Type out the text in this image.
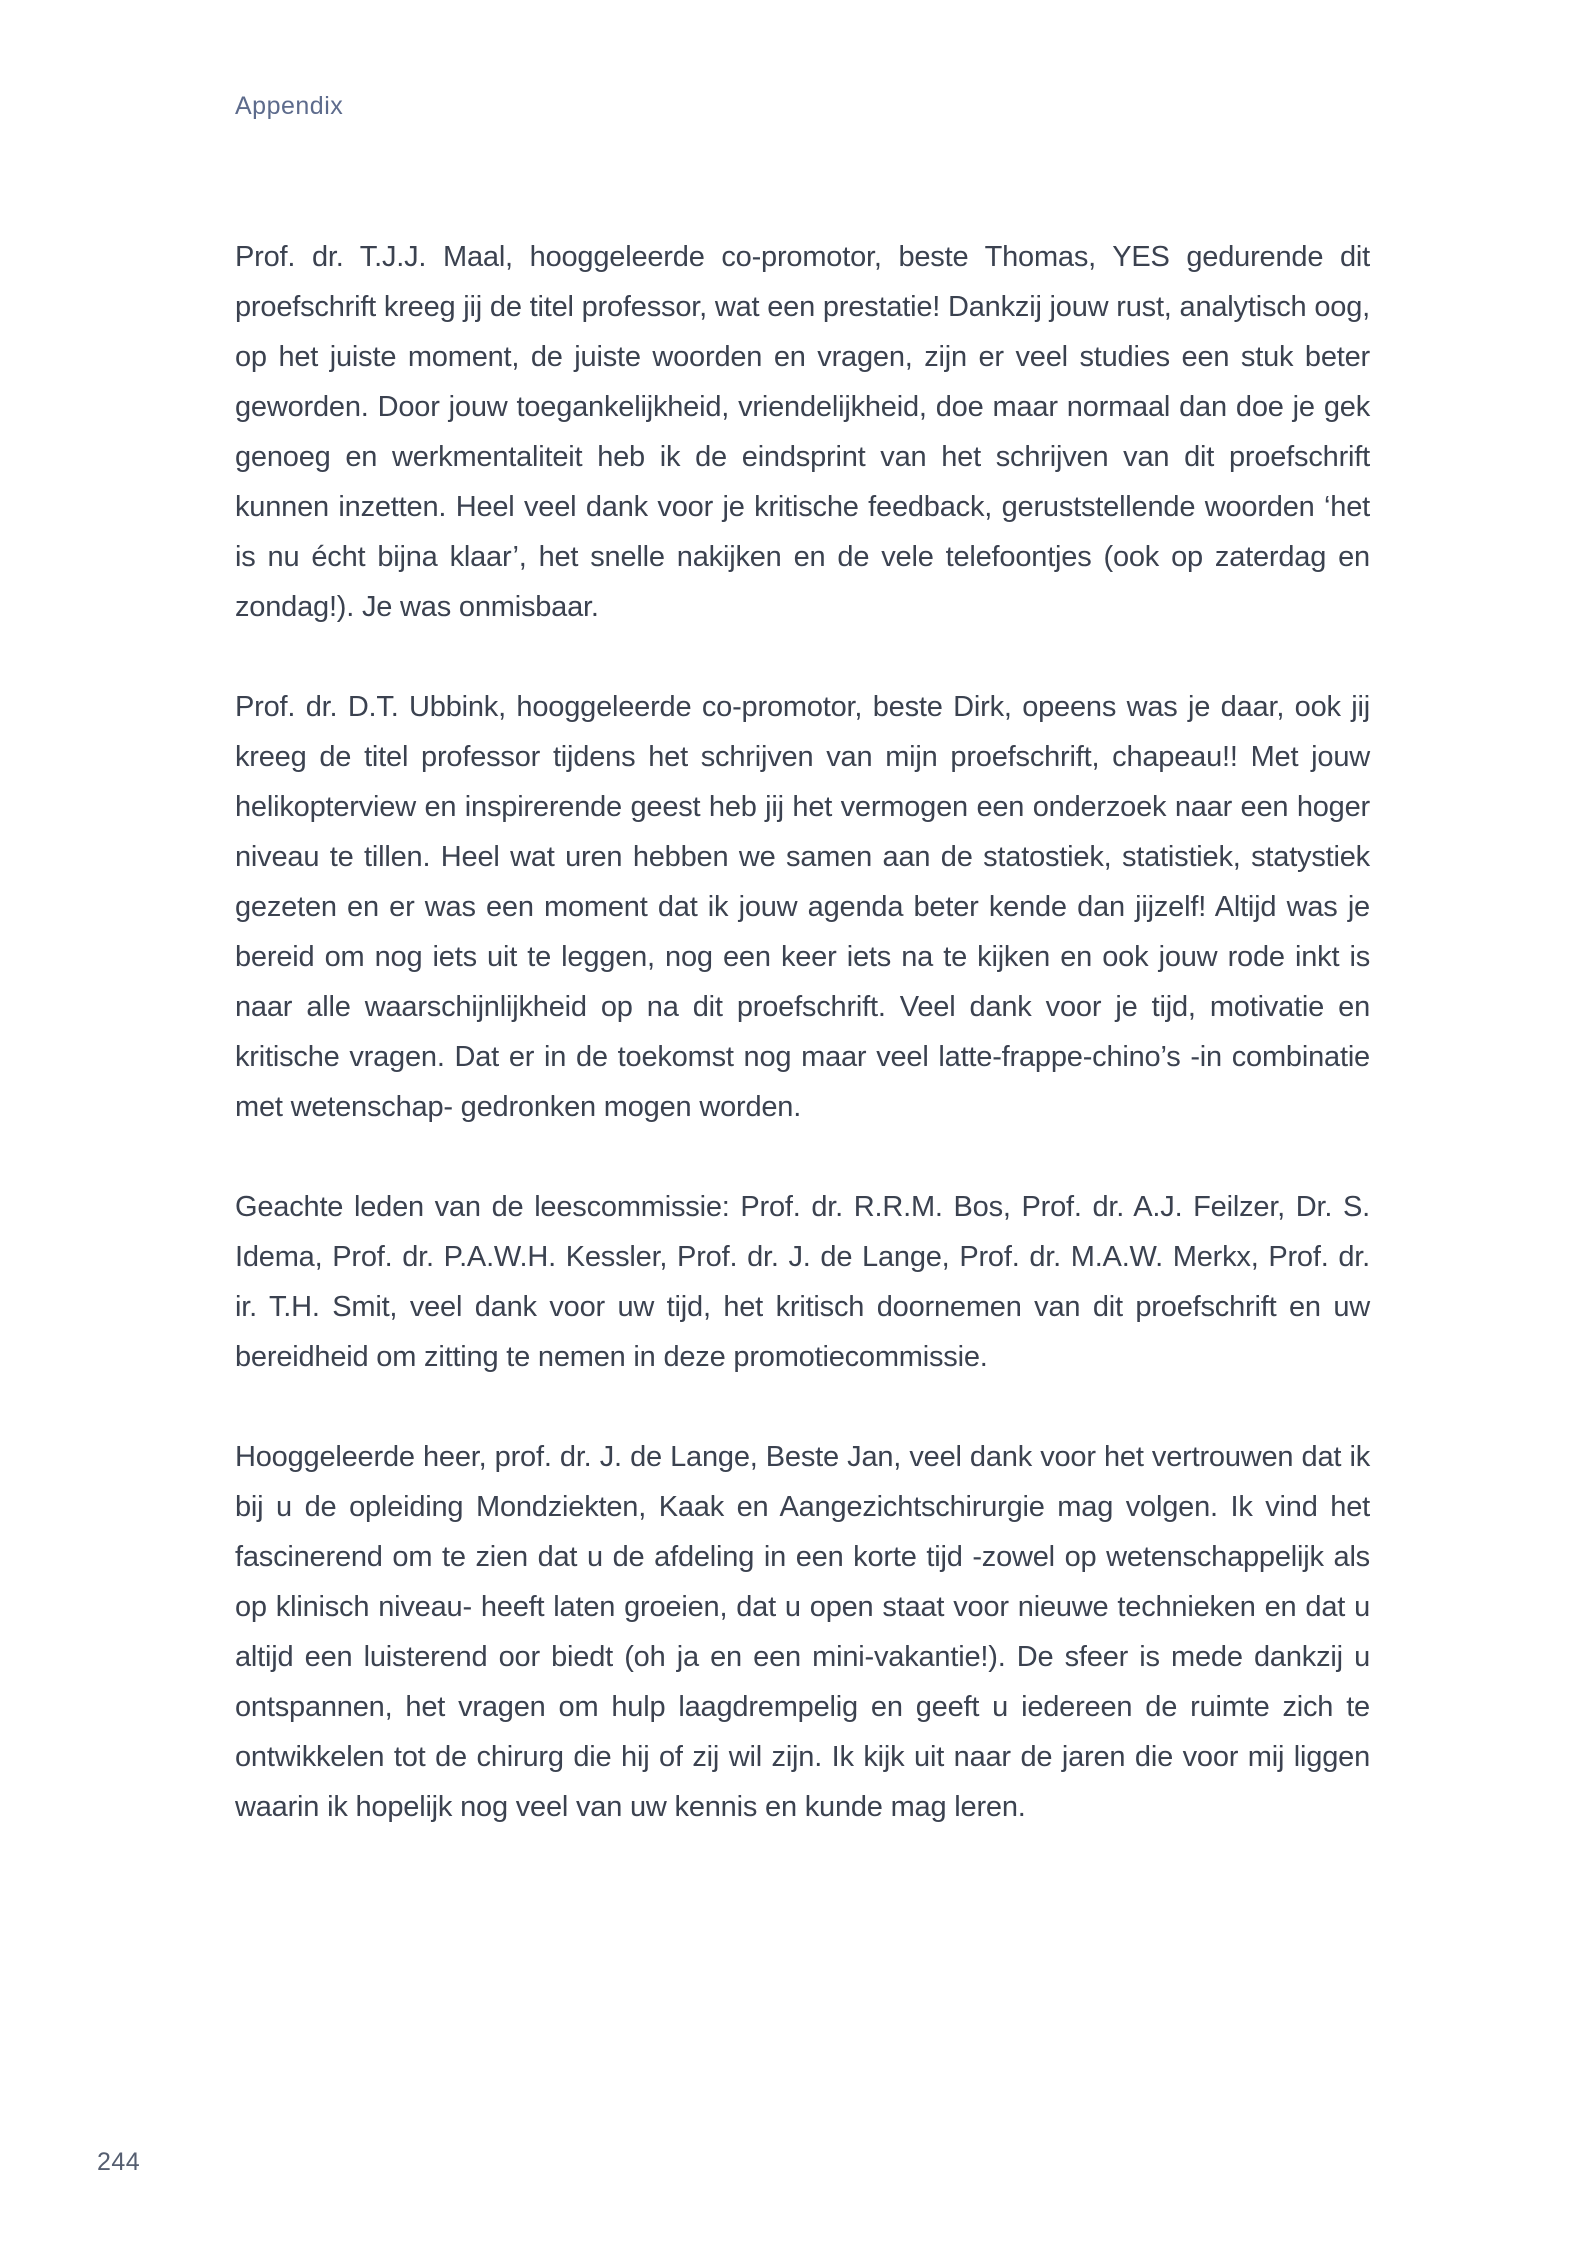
Appendix

Prof. dr. T.J.J. Maal, hooggeleerde co-promotor, beste Thomas, YES gedurende dit proefschrift kreeg jij de titel professor, wat een prestatie! Dankzij jouw rust, analytisch oog, op het juiste moment, de juiste woorden en vragen, zijn er veel studies een stuk beter geworden. Door jouw toegankelijkheid, vriendelijkheid, doe maar normaal dan doe je gek genoeg en werkmentaliteit heb ik de eindsprint van het schrijven van dit proefschrift kunnen inzetten. Heel veel dank voor je kritische feedback, geruststellende woorden ‘het is nu écht bijna klaar’, het snelle nakijken en de vele telefoontjes (ook op zaterdag en zondag!). Je was onmisbaar.

Prof. dr. D.T. Ubbink, hooggeleerde co-promotor, beste Dirk, opeens was je daar, ook jij kreeg de titel professor tijdens het schrijven van mijn proefschrift, chapeau!! Met jouw helikopterview en inspirerende geest heb jij het vermogen een onderzoek naar een hoger niveau te tillen. Heel wat uren hebben we samen aan de statostiek, statistiek, statystiek gezeten en er was een moment dat ik jouw agenda beter kende dan jijzelf! Altijd was je bereid om nog iets uit te leggen, nog een keer iets na te kijken en ook jouw rode inkt is naar alle waarschijnlijkheid op na dit proefschrift. Veel dank voor je tijd, motivatie en kritische vragen. Dat er in de toekomst nog maar veel latte-frappe-chino’s -in combinatie met wetenschap- gedronken mogen worden.

Geachte leden van de leescommissie: Prof. dr. R.R.M. Bos, Prof. dr. A.J. Feilzer, Dr. S. Idema, Prof. dr. P.A.W.H. Kessler, Prof. dr. J. de Lange, Prof. dr. M.A.W. Merkx, Prof. dr. ir. T.H. Smit, veel dank voor uw tijd, het kritisch doornemen van dit proefschrift en uw bereidheid om zitting te nemen in deze promotiecommissie.

Hooggeleerde heer, prof. dr. J. de Lange, Beste Jan, veel dank voor het vertrouwen dat ik bij u de opleiding Mondziekten, Kaak en Aangezichtschirurgie mag volgen. Ik vind het fascinerend om te zien dat u de afdeling in een korte tijd -zowel op wetenschappelijk als op klinisch niveau- heeft laten groeien, dat u open staat voor nieuwe technieken en dat u altijd een luisterend oor biedt (oh ja en een mini-vakantie!). De sfeer is mede dankzij u ontspannen, het vragen om hulp laagdrempelig en geeft u iedereen de ruimte zich te ontwikkelen tot de chirurg die hij of zij wil zijn. Ik kijk uit naar de jaren die voor mij liggen waarin ik hopelijk nog veel van uw kennis en kunde mag leren.

244
